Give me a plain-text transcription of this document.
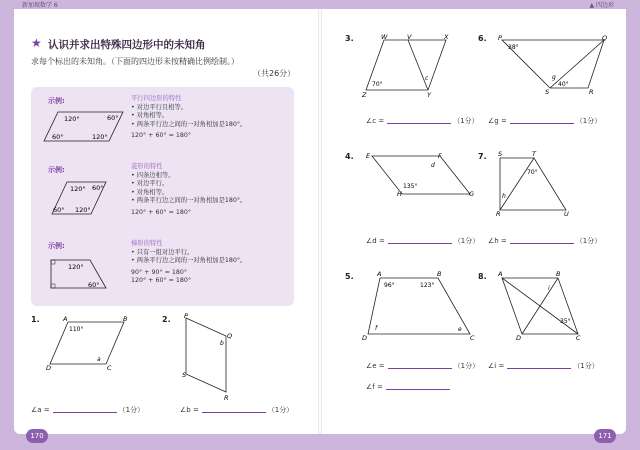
新加坡数学 6	▲ 四边形
★ 认识并求出特殊四边形中的未知角
求每个标出的未知角。（下面的四边形未按精确比例绘制。）
（共26分）
示例:	平行四边形的特性
• 对边平行且相等。
• 对角相等。
• 两条平行边之间的一对角相加是180°。
120° + 60° = 180°
120°	60°
60°	120°
示例:	菱形的特性
• 四条边相等。
• 对边平行。
• 对角相等。
• 两条平行边之间的一对角相加是180°。
120° + 60° = 180°
120° 60°
60° 120°
示例:	梯形的特性
• 只有一组对边平行。
• 两条平行边之间的一对角相加是180°。
90° + 90° = 180°
120° + 60° = 180°
120°
60°
1.	A	B
C
D
110°
a
∠a =	（1分）
2. P
Q
R
S
b
∠b =	（1分）
3.	W	V	X
Y
Z
70°
c
∠c =	（1分）
4. E	F
G
H
135°
d
∠d =	（1分）
5.	A	B
C
D
96°	123°
e
f
∠e =	（1分）
∠f =
6. P	Q
R
S
38°
40°
g
∠g =	（1分）
7. S	T
U
R
70°
h
∠h =	（1分）
8. A	B
C
D
35°
i
∠i =	（1分）
170	171
